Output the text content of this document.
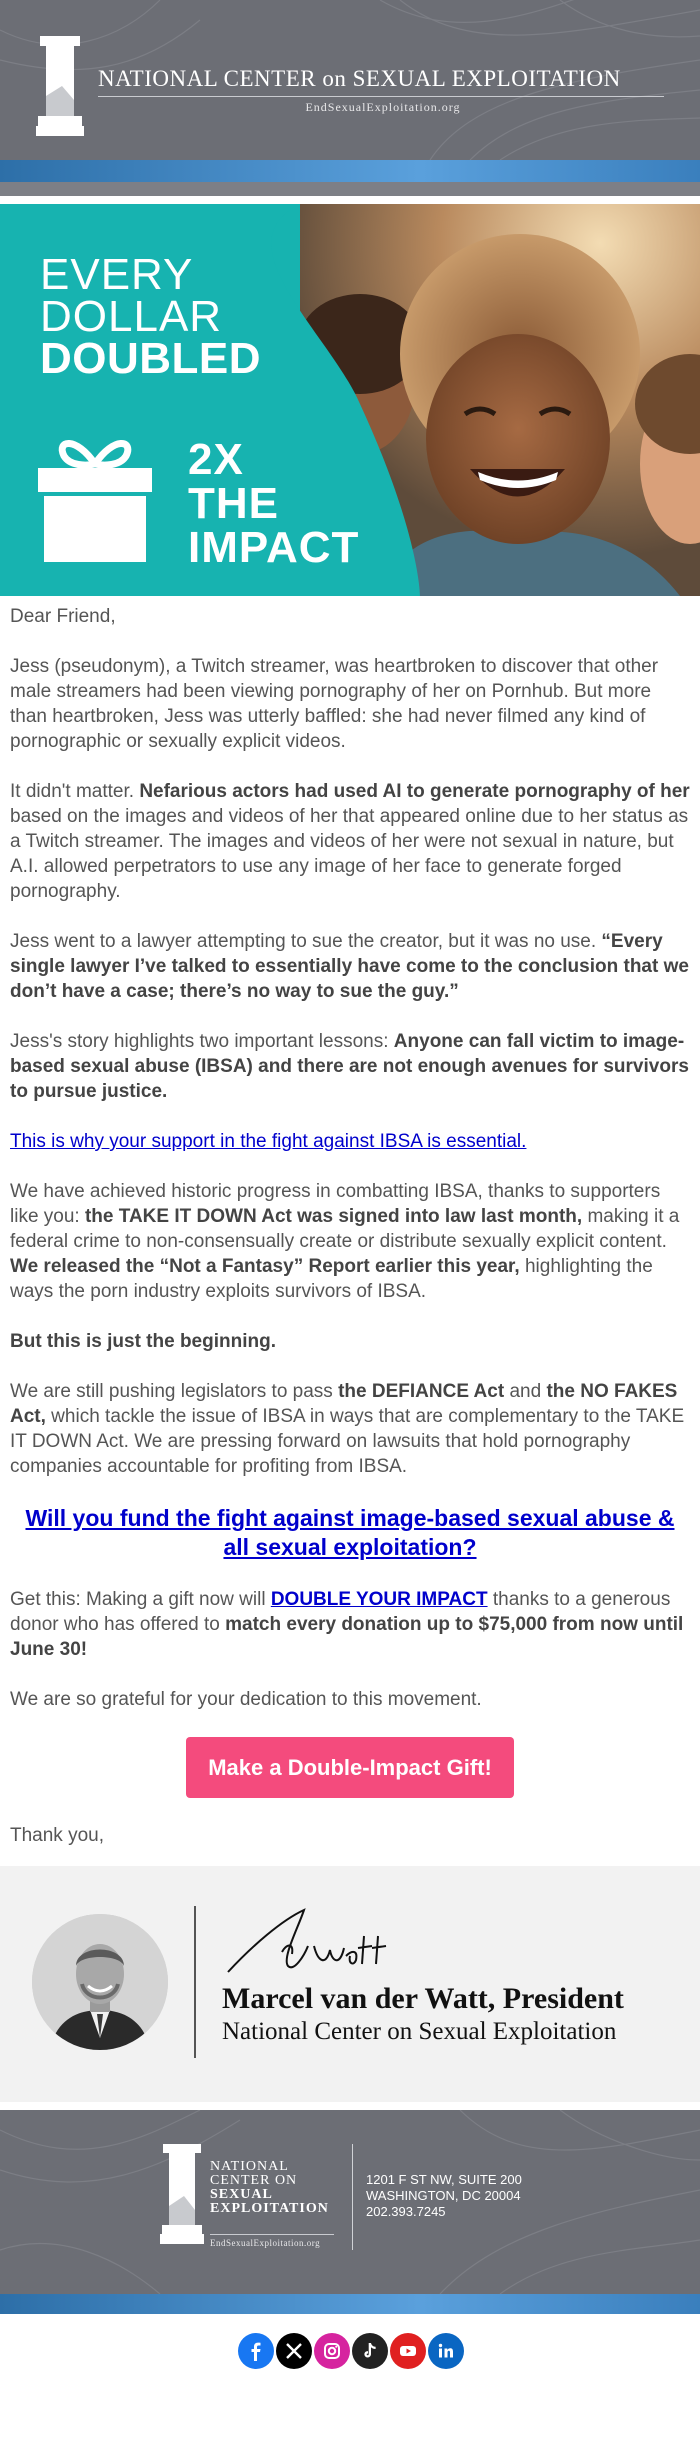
NATIONAL CENTER on SEXUAL EXPLOITATION
EndSexualExploitation.org
EVERY
DOLLAR
DOUBLED
2X
THE
IMPACT

Dear Friend,

Jess (pseudonym), a Twitch streamer, was heartbroken to discover that other male streamers had been viewing pornography of her on Pornhub. But more than heartbroken, Jess was utterly baffled: she had never filmed any kind of pornographic or sexually explicit videos.

It didn't matter. Nefarious actors had used AI to generate pornography of her based on the images and videos of her that appeared online due to her status as a Twitch streamer. The images and videos of her were not sexual in nature, but A.I. allowed perpetrators to use any image of her face to generate forged pornography.

Jess went to a lawyer attempting to sue the creator, but it was no use. “Every single lawyer I’ve talked to essentially have come to the conclusion that we don’t have a case; there’s no way to sue the guy.”

Jess's story highlights two important lessons: Anyone can fall victim to image-based sexual abuse (IBSA) and there are not enough avenues for survivors to pursue justice.

This is why your support in the fight against IBSA is essential.

We have achieved historic progress in combatting IBSA, thanks to supporters like you: the TAKE IT DOWN Act was signed into law last month, making it a federal crime to non-consensually create or distribute sexually explicit content. We released the “Not a Fantasy” Report earlier this year, highlighting the ways the porn industry exploits survivors of IBSA.

But this is just the beginning.

We are still pushing legislators to pass the DEFIANCE Act and the NO FAKES Act, which tackle the issue of IBSA in ways that are complementary to the TAKE IT DOWN Act. We are pressing forward on lawsuits that hold pornography companies accountable for profiting from IBSA.

Will you fund the fight against image-based sexual abuse & all sexual exploitation?

Get this: Making a gift now will DOUBLE YOUR IMPACT thanks to a generous donor who has offered to match every donation up to $75,000 from now until June 30!

We are so grateful for your dedication to this movement.

Make a Double-Impact Gift!

Thank you,

Marcel van der Watt, President
National Center on Sexual Exploitation
NATIONAL
CENTER ON
SEXUAL
EXPLOITATION
EndSexualExploitation.org
1201 F ST NW, SUITE 200
WASHINGTON, DC 20004
202.393.7245
